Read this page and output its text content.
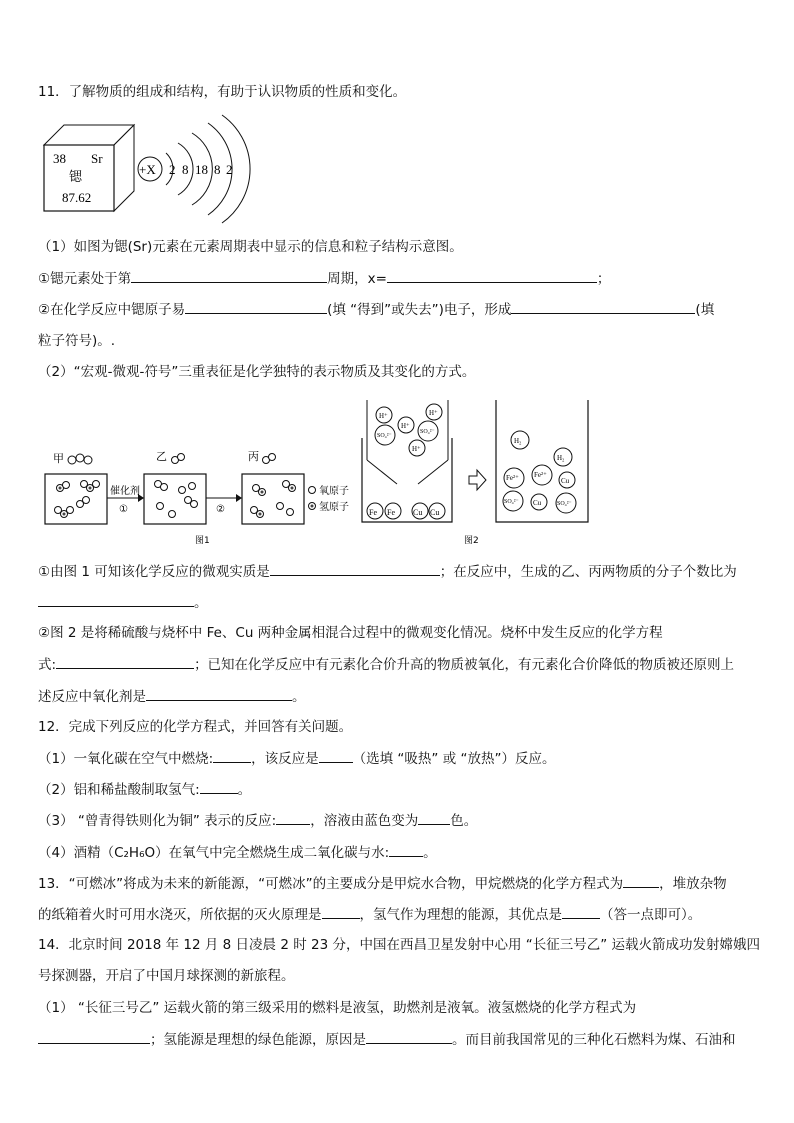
11．了解物质的组成和结构，有助于认识物质的性质和变化。
38 Sr
锶
87.62
+X 2 8 18 8 2
（1）如图为锶(Sr)元素在元素周期表中显示的信息和粒子结构示意图。
①锶元素处于第	周期，x=	；
②在化学反应中锶原子易	(填 “得到”或失去”)电子，形成	(填
粒子符号)。.
（2）“宏观-微观-符号”三重表征是化学独特的表示物质及其变化的方式。
甲
催化剂
①
乙
②
丙
氧原子
氢原子
图1
H⁺	H⁺
SO₄²⁻
SO₄²⁻
H⁺
H⁺
Fe Fe Cu Cu
H₂
H₂
Fe²⁺ Fe²⁺
Cu
SO₄²⁻ Cu	SO₄²⁻
图2
①由图 1 可知该化学反应的微观实质是	；在反应中，生成的乙、丙两物质的分子个数比为
。
②图 2 是将稀硫酸与烧杯中 Fe、Cu 两种金属相混合过程中的微观变化情况。烧杯中发生反应的化学方程
式:	；已知在化学反应中有元素化合价升高的物质被氧化，有元素化合价降低的物质被还原则上
述反应中氧化剂是	。
12．完成下列反应的化学方程式，并回答有关问题。
（1）一氧化碳在空气中燃烧:	，该反应是	（选填 “吸热” 或 “放热”）反应。
（2）铝和稀盐酸制取氢气:	。
（3） “曾青得铁则化为铜” 表示的反应:	，溶液由蓝色变为 色。
（4）酒精（C₂H₆O）在氧气中完全燃烧生成二氧化碳与水:	。
13．“可燃冰”将成为未来的新能源，“可燃冰”的主要成分是甲烷水合物，甲烷燃烧的化学方程式为	，堆放杂物
的纸箱着火时可用水浇灭，所依据的灭火原理是	，氢气作为理想的能源，其优点是	（答一点即可）。
14．北京时间 2018 年 12 月 8 日凌晨 2 时 23 分，中国在西昌卫星发射中心用 “长征三号乙” 运载火箭成功发射嫦娥四
号探测器，开启了中国月球探测的新旅程。
（1） “长征三号乙” 运载火箭的第三级采用的燃料是液氢，助燃剂是液氧。液氢燃烧的化学方程式为
；氢能源是理想的绿色能源，原因是	。而目前我国常见的三种化石燃料为煤、石油和
